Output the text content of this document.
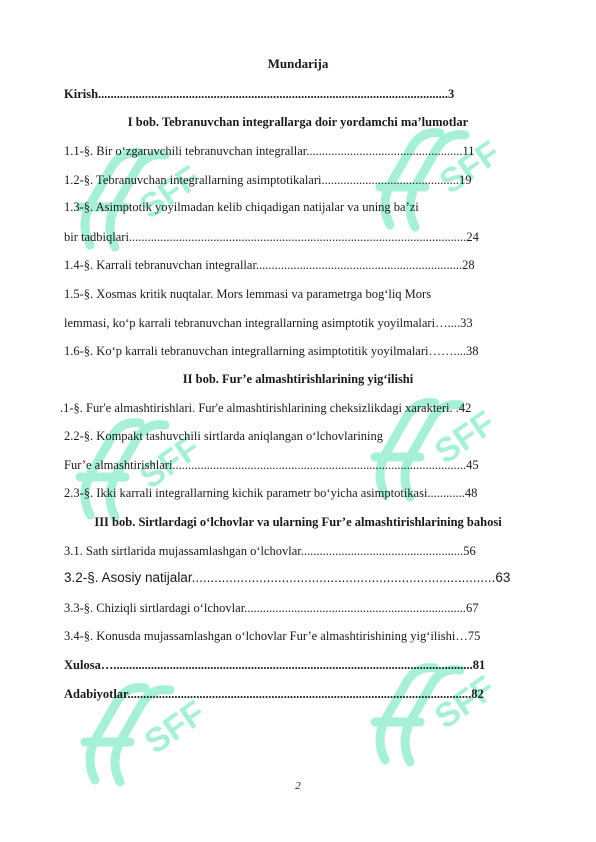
SFF	SFF
SFF	SFF
SFF	SFF
Mundarija
Kirish................................................................................................................3
I bob. Tebranuvchan integrallarga doir yordamchi ma’lumotlar
1.1-§. Bir o‘zgaruvchili tebranuvchan integrallar..................................................11
1.2-§. Tebranuvchan integrallarning asimptotikalari............................................19
1.3-§. Asimptotik yoyilmadan kelib chiqadigan natijalar va uning ba’zi
bir tadbiqlari............................................................................................................24
1.4-§. Karrali tebranuvchan integrallar..................................................................28
1.5-§. Xosmas kritik nuqtalar. Mors lemmasi va parametrga bog‘liq Mors
lemmasi, ko‘p karrali tebranuvchan integrallarning asimptotik yoyilmalari…....33
1.6-§. Ko‘p karrali tebranuvchan integrallarning asimptotitik yoyilmalari……....38
II bob. Fur’e almashtirishlarining yig‘ilishi
.1-§. Fur'e almashtirishlari. Fur'e almashtirishlarining cheksizlikdagi xarakteri. .42
2.2-§. Kompakt tashuvchili sirtlarda aniqlangan o‘lchovlarining
Fur’e almashtirishlari..............................................................................................45
2.3-§. Ikki karrali integrallarning kichik parametr bo‘yicha asimptotikasi............48
III bob. Sirtlardagi o‘lchovlar va ularning Fur’e almashtirishlarining bahosi
3.1. Sath sirtlarida mujassamlashgan o‘lchovlar....................................................56
3.2-§. Asosiy natijalar.................................................................................63
3.3-§. Chiziqli sirtlardagi o‘lchovlar.......................................................................67
3.4-§. Konusda mujassamlashgan o‘lchovlar Fur’e almashtirishining yig‘ilishi…75
Xulosa…...................................................................................................................81
Adabiyotlar..............................................................................................................82
2
